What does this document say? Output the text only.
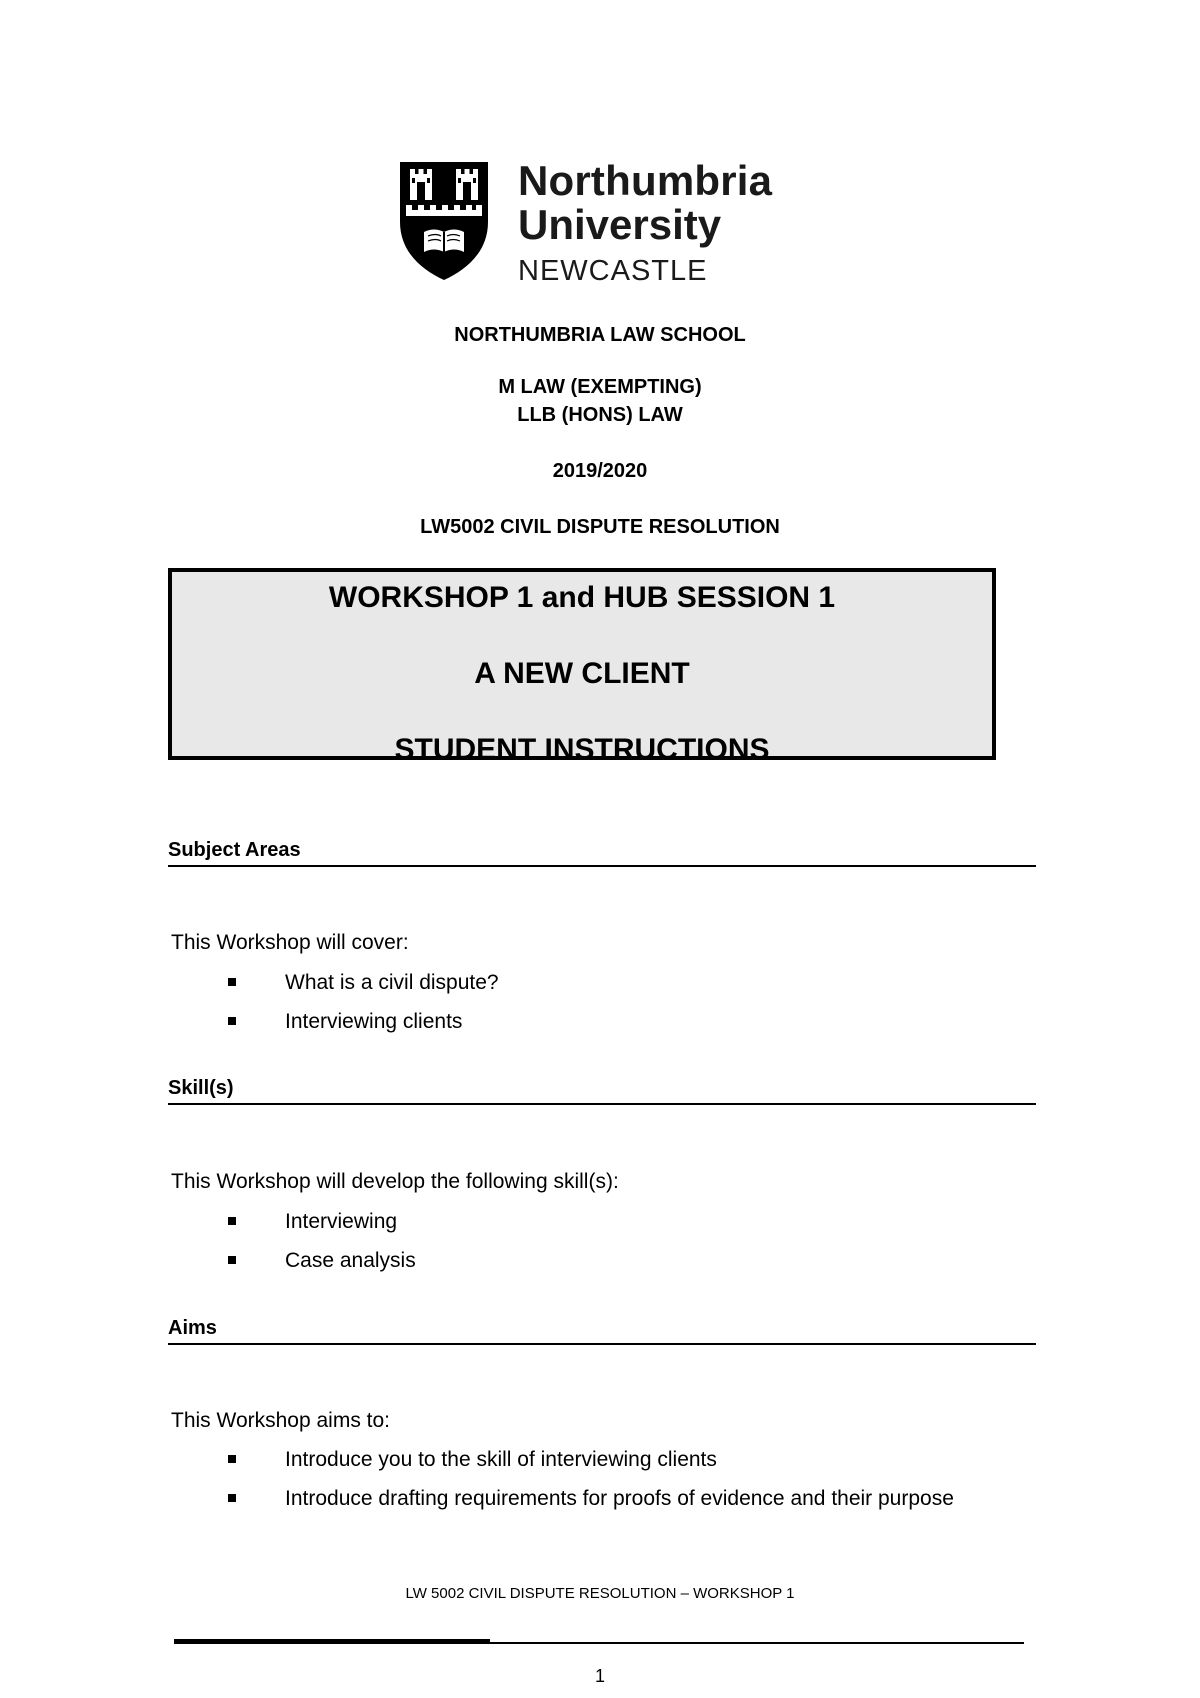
Northumbria
University
NEWCASTLE
NORTHUMBRIA LAW SCHOOL
M LAW (EXEMPTING)
LLB (HONS) LAW
2019/2020
LW5002 CIVIL DISPUTE RESOLUTION
WORKSHOP 1 and HUB SESSION 1
A NEW CLIENT
STUDENT INSTRUCTIONS
Subject Areas
This Workshop will cover:
What is a civil dispute?
Interviewing clients
Skill(s)
This Workshop will develop the following skill(s):
Interviewing
Case analysis
Aims
This Workshop aims to:
Introduce you to the skill of interviewing clients
Introduce drafting requirements for proofs of evidence and their purpose
LW 5002 CIVIL DISPUTE RESOLUTION – WORKSHOP 1
1
